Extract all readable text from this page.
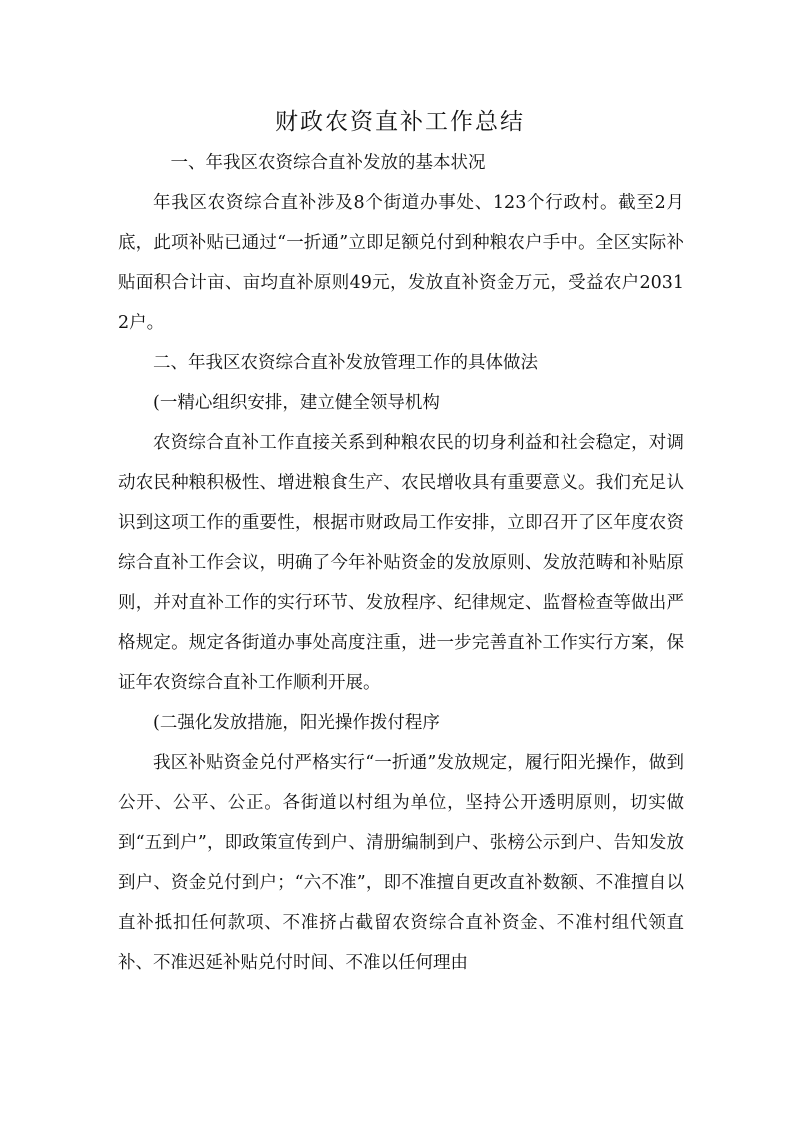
财政农资直补工作总结

一、年我区农资综合直补发放的基本状况

年我区农资综合直补涉及8个街道办事处、123个行政村。截至2月底，此项补贴已通过“一折通”立即足额兑付到种粮农户手中。全区实际补贴面积合计亩、亩均直补原则49元，发放直补资金万元，受益农户20312户。

二、年我区农资综合直补发放管理工作的具体做法

(一精心组织安排，建立健全领导机构

农资综合直补工作直接关系到种粮农民的切身利益和社会稳定，对调动农民种粮积极性、增进粮食生产、农民增收具有重要意义。我们充足认识到这项工作的重要性，根据市财政局工作安排，立即召开了区年度农资综合直补工作会议，明确了今年补贴资金的发放原则、发放范畴和补贴原则，并对直补工作的实行环节、发放程序、纪律规定、监督检查等做出严格规定。规定各街道办事处高度注重，进一步完善直补工作实行方案，保证年农资综合直补工作顺利开展。

(二强化发放措施，阳光操作拨付程序

我区补贴资金兑付严格实行“一折通”发放规定，履行阳光操作，做到公开、公平、公正。各街道以村组为单位，坚持公开透明原则，切实做到“五到户”，即政策宣传到户、清册编制到户、张榜公示到户、告知发放到户、资金兑付到户；“六不准”，即不准擅自更改直补数额、不准擅自以直补抵扣任何款项、不准挤占截留农资综合直补资金、不准村组代领直补、不准迟延补贴兑付时间、不准以任何理由
